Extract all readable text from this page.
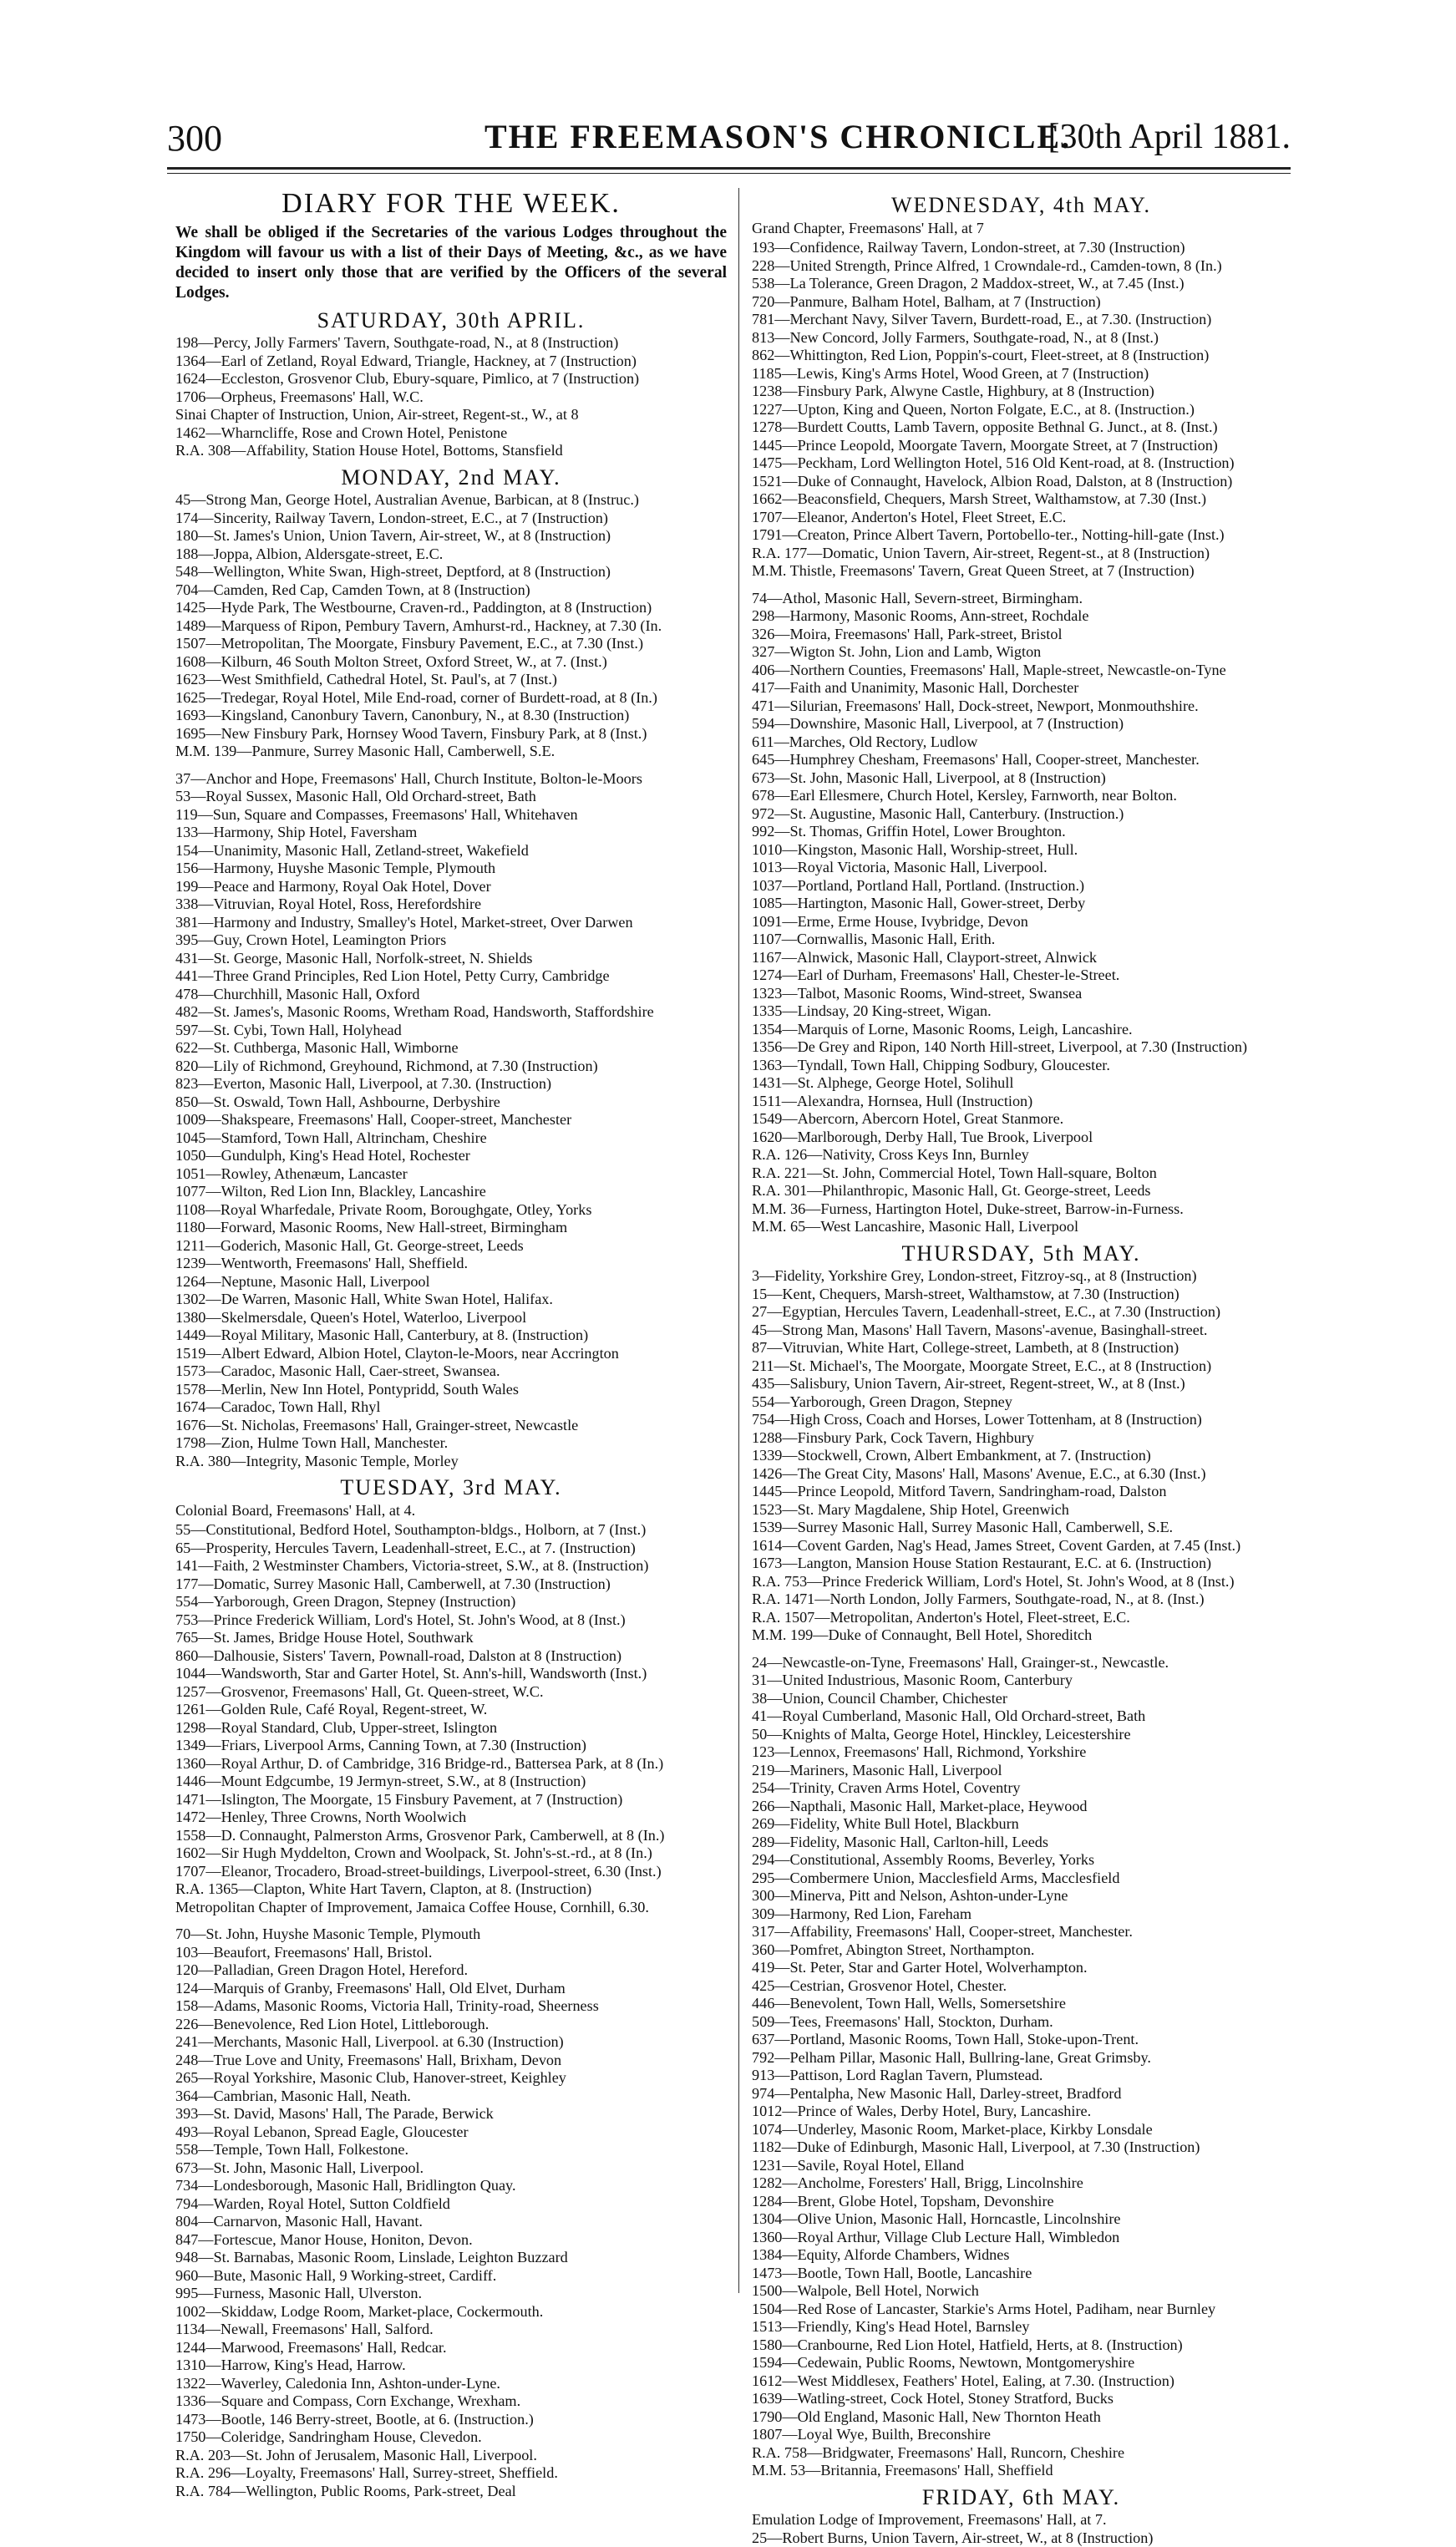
300	THE FREEMASON'S CHRONICLE.
[30th April 1881.
DIARY FOR THE WEEK.
We shall be obliged if the Secretaries of the various Lodges throughout the Kingdom will favour us with a list of their Days of Meeting, &c., as we have decided to insert only those that are verified by the Officers of the several Lodges.
SATURDAY, 30th APRIL.
198—Percy, Jolly Farmers' Tavern, Southgate-road, N., at 8 (Instruction)
1364—Earl of Zetland, Royal Edward, Triangle, Hackney, at 7 (Instruction)
1624—Eccleston, Grosvenor Club, Ebury-square, Pimlico, at 7 (Instruction)
1706—Orpheus, Freemasons' Hall, W.C.
Sinai Chapter of Instruction, Union, Air-street, Regent-st., W., at 8
1462—Wharncliffe, Rose and Crown Hotel, Penistone
R.A. 308—Affability, Station House Hotel, Bottoms, Stansfield
MONDAY, 2nd MAY.
45—Strong Man, George Hotel, Australian Avenue, Barbican, at 8 (Instruc.)
174—Sincerity, Railway Tavern, London-street, E.C., at 7 (Instruction)
180—St. James's Union, Union Tavern, Air-street, W., at 8 (Instruction)
188—Joppa, Albion, Aldersgate-street, E.C.
548—Wellington, White Swan, High-street, Deptford, at 8 (Instruction)
704—Camden, Red Cap, Camden Town, at 8 (Instruction)
1425—Hyde Park, The Westbourne, Craven-rd., Paddington, at 8 (Instruction)
1489—Marquess of Ripon, Pembury Tavern, Amhurst-rd., Hackney, at 7.30 (In.
1507—Metropolitan, The Moorgate, Finsbury Pavement, E.C., at 7.30 (Inst.)
1608—Kilburn, 46 South Molton Street, Oxford Street, W., at 7. (Inst.)
1623—West Smithfield, Cathedral Hotel, St. Paul's, at 7 (Inst.)
1625—Tredegar, Royal Hotel, Mile End-road, corner of Burdett-road, at 8 (In.)
1693—Kingsland, Canonbury Tavern, Canonbury, N., at 8.30 (Instruction)
1695—New Finsbury Park, Hornsey Wood Tavern, Finsbury Park, at 8 (Inst.)
M.M. 139—Panmure, Surrey Masonic Hall, Camberwell, S.E.
37—Anchor and Hope, Freemasons' Hall, Church Institute, Bolton-le-Moors
53—Royal Sussex, Masonic Hall, Old Orchard-street, Bath
119—Sun, Square and Compasses, Freemasons' Hall, Whitehaven
133—Harmony, Ship Hotel, Faversham
154—Unanimity, Masonic Hall, Zetland-street, Wakefield
156—Harmony, Huyshe Masonic Temple, Plymouth
199—Peace and Harmony, Royal Oak Hotel, Dover
338—Vitruvian, Royal Hotel, Ross, Herefordshire
381—Harmony and Industry, Smalley's Hotel, Market-street, Over Darwen
395—Guy, Crown Hotel, Leamington Priors
431—St. George, Masonic Hall, Norfolk-street, N. Shields
441—Three Grand Principles, Red Lion Hotel, Petty Curry, Cambridge
478—Churchhill, Masonic Hall, Oxford
482—St. James's, Masonic Rooms, Wretham Road, Handsworth, Staffordshire
597—St. Cybi, Town Hall, Holyhead
622—St. Cuthberga, Masonic Hall, Wimborne
820—Lily of Richmond, Greyhound, Richmond, at 7.30 (Instruction)
823—Everton, Masonic Hall, Liverpool, at 7.30. (Instruction)
850—St. Oswald, Town Hall, Ashbourne, Derbyshire
1009—Shakspeare, Freemasons' Hall, Cooper-street, Manchester
1045—Stamford, Town Hall, Altrincham, Cheshire
1050—Gundulph, King's Head Hotel, Rochester
1051—Rowley, Athenæum, Lancaster
1077—Wilton, Red Lion Inn, Blackley, Lancashire
1108—Royal Wharfedale, Private Room, Boroughgate, Otley, Yorks
1180—Forward, Masonic Rooms, New Hall-street, Birmingham
1211—Goderich, Masonic Hall, Gt. George-street, Leeds
1239—Wentworth, Freemasons' Hall, Sheffield.
1264—Neptune, Masonic Hall, Liverpool
1302—De Warren, Masonic Hall, White Swan Hotel, Halifax.
1380—Skelmersdale, Queen's Hotel, Waterloo, Liverpool
1449—Royal Military, Masonic Hall, Canterbury, at 8. (Instruction)
1519—Albert Edward, Albion Hotel, Clayton-le-Moors, near Accrington
1573—Caradoc, Masonic Hall, Caer-street, Swansea.
1578—Merlin, New Inn Hotel, Pontypridd, South Wales
1674—Caradoc, Town Hall, Rhyl
1676—St. Nicholas, Freemasons' Hall, Grainger-street, Newcastle
1798—Zion, Hulme Town Hall, Manchester.
R.A. 380—Integrity, Masonic Temple, Morley
TUESDAY, 3rd MAY.
Colonial Board, Freemasons' Hall, at 4.
55—Constitutional, Bedford Hotel, Southampton-bldgs., Holborn, at 7 (Inst.)
65—Prosperity, Hercules Tavern, Leadenhall-street, E.C., at 7. (Instruction)
141—Faith, 2 Westminster Chambers, Victoria-street, S.W., at 8. (Instruction)
177—Domatic, Surrey Masonic Hall, Camberwell, at 7.30 (Instruction)
554—Yarborough, Green Dragon, Stepney (Instruction)
753—Prince Frederick William, Lord's Hotel, St. John's Wood, at 8 (Inst.)
765—St. James, Bridge House Hotel, Southwark
860—Dalhousie, Sisters' Tavern, Pownall-road, Dalston at 8 (Instruction)
1044—Wandsworth, Star and Garter Hotel, St. Ann's-hill, Wandsworth (Inst.)
1257—Grosvenor, Freemasons' Hall, Gt. Queen-street, W.C.
1261—Golden Rule, Café Royal, Regent-street, W.
1298—Royal Standard, Club, Upper-street, Islington
1349—Friars, Liverpool Arms, Canning Town, at 7.30 (Instruction)
1360—Royal Arthur, D. of Cambridge, 316 Bridge-rd., Battersea Park, at 8 (In.)
1446—Mount Edgcumbe, 19 Jermyn-street, S.W., at 8 (Instruction)
1471—Islington, The Moorgate, 15 Finsbury Pavement, at 7 (Instruction)
1472—Henley, Three Crowns, North Woolwich
1558—D. Connaught, Palmerston Arms, Grosvenor Park, Camberwell, at 8 (In.)
1602—Sir Hugh Myddelton, Crown and Woolpack, St. John's-st.-rd., at 8 (In.)
1707—Eleanor, Trocadero, Broad-street-buildings, Liverpool-street, 6.30 (Inst.)
R.A. 1365—Clapton, White Hart Tavern, Clapton, at 8. (Instruction)
Metropolitan Chapter of Improvement, Jamaica Coffee House, Cornhill, 6.30.
70—St. John, Huyshe Masonic Temple, Plymouth
103—Beaufort, Freemasons' Hall, Bristol.
120—Palladian, Green Dragon Hotel, Hereford.
124—Marquis of Granby, Freemasons' Hall, Old Elvet, Durham
158—Adams, Masonic Rooms, Victoria Hall, Trinity-road, Sheerness
226—Benevolence, Red Lion Hotel, Littleborough.
241—Merchants, Masonic Hall, Liverpool. at 6.30 (Instruction)
248—True Love and Unity, Freemasons' Hall, Brixham, Devon
265—Royal Yorkshire, Masonic Club, Hanover-street, Keighley
364—Cambrian, Masonic Hall, Neath.
393—St. David, Masons' Hall, The Parade, Berwick
493—Royal Lebanon, Spread Eagle, Gloucester
558—Temple, Town Hall, Folkestone.
673—St. John, Masonic Hall, Liverpool.
734—Londesborough, Masonic Hall, Bridlington Quay.
794—Warden, Royal Hotel, Sutton Coldfield
804—Carnarvon, Masonic Hall, Havant.
847—Fortescue, Manor House, Honiton, Devon.
948—St. Barnabas, Masonic Room, Linslade, Leighton Buzzard
960—Bute, Masonic Hall, 9 Working-street, Cardiff.
995—Furness, Masonic Hall, Ulverston.
1002—Skiddaw, Lodge Room, Market-place, Cockermouth.
1134—Newall, Freemasons' Hall, Salford.
1244—Marwood, Freemasons' Hall, Redcar.
1310—Harrow, King's Head, Harrow.
1322—Waverley, Caledonia Inn, Ashton-under-Lyne.
1336—Square and Compass, Corn Exchange, Wrexham.
1473—Bootle, 146 Berry-street, Bootle, at 6. (Instruction.)
1750—Coleridge, Sandringham House, Clevedon.
R.A. 203—St. John of Jerusalem, Masonic Hall, Liverpool.
R.A. 296—Loyalty, Freemasons' Hall, Surrey-street, Sheffield.
R.A. 784—Wellington, Public Rooms, Park-street, Deal
WEDNESDAY, 4th MAY.
Grand Chapter, Freemasons' Hall, at 7
193—Confidence, Railway Tavern, London-street, at 7.30 (Instruction)
228—United Strength, Prince Alfred, 1 Crowndale-rd., Camden-town, 8 (In.)
538—La Tolerance, Green Dragon, 2 Maddox-street, W., at 7.45 (Inst.)
720—Panmure, Balham Hotel, Balham, at 7 (Instruction)
781—Merchant Navy, Silver Tavern, Burdett-road, E., at 7.30. (Instruction)
813—New Concord, Jolly Farmers, Southgate-road, N., at 8 (Inst.)
862—Whittington, Red Lion, Poppin's-court, Fleet-street, at 8 (Instruction)
1185—Lewis, King's Arms Hotel, Wood Green, at 7 (Instruction)
1238—Finsbury Park, Alwyne Castle, Highbury, at 8 (Instruction)
1227—Upton, King and Queen, Norton Folgate, E.C., at 8. (Instruction.)
1278—Burdett Coutts, Lamb Tavern, opposite Bethnal G. Junct., at 8. (Inst.)
1445—Prince Leopold, Moorgate Tavern, Moorgate Street, at 7 (Instruction)
1475—Peckham, Lord Wellington Hotel, 516 Old Kent-road, at 8. (Instruction)
1521—Duke of Connaught, Havelock, Albion Road, Dalston, at 8 (Instruction)
1662—Beaconsfield, Chequers, Marsh Street, Walthamstow, at 7.30 (Inst.)
1707—Eleanor, Anderton's Hotel, Fleet Street, E.C.
1791—Creaton, Prince Albert Tavern, Portobello-ter., Notting-hill-gate (Inst.)
R.A. 177—Domatic, Union Tavern, Air-street, Regent-st., at 8 (Instruction)
M.M. Thistle, Freemasons' Tavern, Great Queen Street, at 7 (Instruction)
74—Athol, Masonic Hall, Severn-street, Birmingham.
298—Harmony, Masonic Rooms, Ann-street, Rochdale
326—Moira, Freemasons' Hall, Park-street, Bristol
327—Wigton St. John, Lion and Lamb, Wigton
406—Northern Counties, Freemasons' Hall, Maple-street, Newcastle-on-Tyne
417—Faith and Unanimity, Masonic Hall, Dorchester
471—Silurian, Freemasons' Hall, Dock-street, Newport, Monmouthshire.
594—Downshire, Masonic Hall, Liverpool, at 7 (Instruction)
611—Marches, Old Rectory, Ludlow
645—Humphrey Chesham, Freemasons' Hall, Cooper-street, Manchester.
673—St. John, Masonic Hall, Liverpool, at 8 (Instruction)
678—Earl Ellesmere, Church Hotel, Kersley, Farnworth, near Bolton.
972—St. Augustine, Masonic Hall, Canterbury. (Instruction.)
992—St. Thomas, Griffin Hotel, Lower Broughton.
1010—Kingston, Masonic Hall, Worship-street, Hull.
1013—Royal Victoria, Masonic Hall, Liverpool.
1037—Portland, Portland Hall, Portland. (Instruction.)
1085—Hartington, Masonic Hall, Gower-street, Derby
1091—Erme, Erme House, Ivybridge, Devon
1107—Cornwallis, Masonic Hall, Erith.
1167—Alnwick, Masonic Hall, Clayport-street, Alnwick
1274—Earl of Durham, Freemasons' Hall, Chester-le-Street.
1323—Talbot, Masonic Rooms, Wind-street, Swansea
1335—Lindsay, 20 King-street, Wigan.
1354—Marquis of Lorne, Masonic Rooms, Leigh, Lancashire.
1356—De Grey and Ripon, 140 North Hill-street, Liverpool, at 7.30 (Instruction)
1363—Tyndall, Town Hall, Chipping Sodbury, Gloucester.
1431—St. Alphege, George Hotel, Solihull
1511—Alexandra, Hornsea, Hull (Instruction)
1549—Abercorn, Abercorn Hotel, Great Stanmore.
1620—Marlborough, Derby Hall, Tue Brook, Liverpool
R.A. 126—Nativity, Cross Keys Inn, Burnley
R.A. 221—St. John, Commercial Hotel, Town Hall-square, Bolton
R.A. 301—Philanthropic, Masonic Hall, Gt. George-street, Leeds
M.M. 36—Furness, Hartington Hotel, Duke-street, Barrow-in-Furness.
M.M. 65—West Lancashire, Masonic Hall, Liverpool
THURSDAY, 5th MAY.
3—Fidelity, Yorkshire Grey, London-street, Fitzroy-sq., at 8 (Instruction)
15—Kent, Chequers, Marsh-street, Walthamstow, at 7.30 (Instruction)
27—Egyptian, Hercules Tavern, Leadenhall-street, E.C., at 7.30 (Instruction)
45—Strong Man, Masons' Hall Tavern, Masons'-avenue, Basinghall-street.
87—Vitruvian, White Hart, College-street, Lambeth, at 8 (Instruction)
211—St. Michael's, The Moorgate, Moorgate Street, E.C., at 8 (Instruction)
435—Salisbury, Union Tavern, Air-street, Regent-street, W., at 8 (Inst.)
554—Yarborough, Green Dragon, Stepney
754—High Cross, Coach and Horses, Lower Tottenham, at 8 (Instruction)
1288—Finsbury Park, Cock Tavern, Highbury
1339—Stockwell, Crown, Albert Embankment, at 7. (Instruction)
1426—The Great City, Masons' Hall, Masons' Avenue, E.C., at 6.30 (Inst.)
1445—Prince Leopold, Mitford Tavern, Sandringham-road, Dalston
1523—St. Mary Magdalene, Ship Hotel, Greenwich
1539—Surrey Masonic Hall, Surrey Masonic Hall, Camberwell, S.E.
1614—Covent Garden, Nag's Head, James Street, Covent Garden, at 7.45 (Inst.)
1673—Langton, Mansion House Station Restaurant, E.C. at 6. (Instruction)
R.A. 753—Prince Frederick William, Lord's Hotel, St. John's Wood, at 8 (Inst.)
R.A. 1471—North London, Jolly Farmers, Southgate-road, N., at 8. (Inst.)
R.A. 1507—Metropolitan, Anderton's Hotel, Fleet-street, E.C.
M.M. 199—Duke of Connaught, Bell Hotel, Shoreditch
24—Newcastle-on-Tyne, Freemasons' Hall, Grainger-st., Newcastle.
31—United Industrious, Masonic Room, Canterbury
38—Union, Council Chamber, Chichester
41—Royal Cumberland, Masonic Hall, Old Orchard-street, Bath
50—Knights of Malta, George Hotel, Hinckley, Leicestershire
123—Lennox, Freemasons' Hall, Richmond, Yorkshire
219—Mariners, Masonic Hall, Liverpool
254—Trinity, Craven Arms Hotel, Coventry
266—Napthali, Masonic Hall, Market-place, Heywood
269—Fidelity, White Bull Hotel, Blackburn
289—Fidelity, Masonic Hall, Carlton-hill, Leeds
294—Constitutional, Assembly Rooms, Beverley, Yorks
295—Combermere Union, Macclesfield Arms, Macclesfield
300—Minerva, Pitt and Nelson, Ashton-under-Lyne
309—Harmony, Red Lion, Fareham
317—Affability, Freemasons' Hall, Cooper-street, Manchester.
360—Pomfret, Abington Street, Northampton.
419—St. Peter, Star and Garter Hotel, Wolverhampton.
425—Cestrian, Grosvenor Hotel, Chester.
446—Benevolent, Town Hall, Wells, Somersetshire
509—Tees, Freemasons' Hall, Stockton, Durham.
637—Portland, Masonic Rooms, Town Hall, Stoke-upon-Trent.
792—Pelham Pillar, Masonic Hall, Bullring-lane, Great Grimsby.
913—Pattison, Lord Raglan Tavern, Plumstead.
974—Pentalpha, New Masonic Hall, Darley-street, Bradford
1012—Prince of Wales, Derby Hotel, Bury, Lancashire.
1074—Underley, Masonic Room, Market-place, Kirkby Lonsdale
1182—Duke of Edinburgh, Masonic Hall, Liverpool, at 7.30 (Instruction)
1231—Savile, Royal Hotel, Elland
1282—Ancholme, Foresters' Hall, Brigg, Lincolnshire
1284—Brent, Globe Hotel, Topsham, Devonshire
1304—Olive Union, Masonic Hall, Horncastle, Lincolnshire
1360—Royal Arthur, Village Club Lecture Hall, Wimbledon
1384—Equity, Alforde Chambers, Widnes
1473—Bootle, Town Hall, Bootle, Lancashire
1500—Walpole, Bell Hotel, Norwich
1504—Red Rose of Lancaster, Starkie's Arms Hotel, Padiham, near Burnley
1513—Friendly, King's Head Hotel, Barnsley
1580—Cranbourne, Red Lion Hotel, Hatfield, Herts, at 8. (Instruction)
1594—Cedewain, Public Rooms, Newtown, Montgomeryshire
1612—West Middlesex, Feathers' Hotel, Ealing, at 7.30. (Instruction)
1639—Watling-street, Cock Hotel, Stoney Stratford, Bucks
1790—Old England, Masonic Hall, New Thornton Heath
1807—Loyal Wye, Builth, Breconshire
R.A. 758—Bridgwater, Freemasons' Hall, Runcorn, Cheshire
M.M. 53—Britannia, Freemasons' Hall, Sheffield
FRIDAY, 6th MAY.
Emulation Lodge of Improvement, Freemasons' Hall, at 7.
25—Robert Burns, Union Tavern, Air-street, W., at 8 (Instruction)
